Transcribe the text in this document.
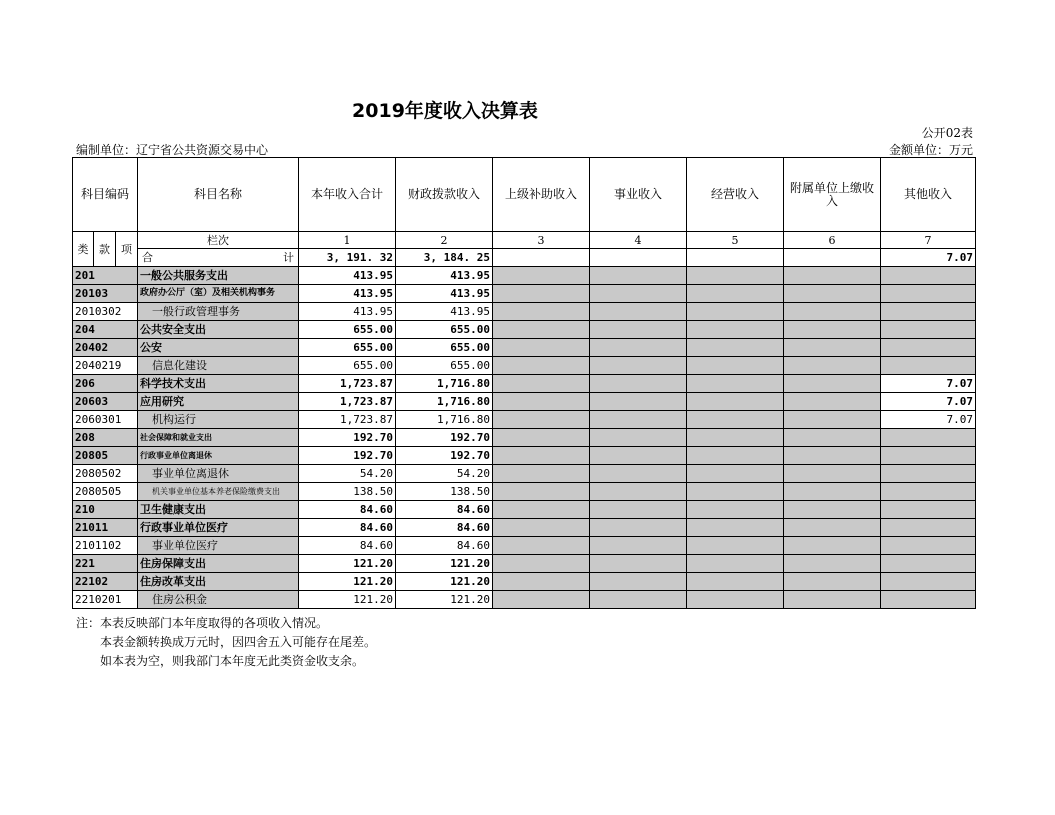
2019年度收入决算表
公开02表
编制单位：辽宁省公共资源交易中心	金额单位：万元
科目编码			科目名称	本年收入合计	财政拨款收入	上级补助收入	事业收入	经营收入	附属单位上缴收入	其他收入
类	款	项	栏次	1	2	3	4	5	6	7

			合 计	3, 191. 32	3, 184. 25					7.07
201			一般公共服务支出	413.95	413.95					
20103			政府办公厅（室）及相关机构事务	413.95	413.95					
2010302			一般行政管理事务	413.95	413.95					
204			公共安全支出	655.00	655.00					
20402			公安	655.00	655.00					
2040219			信息化建设	655.00	655.00					
206			科学技术支出	1,723.87	1,716.80					7.07
20603			应用研究	1,723.87	1,716.80					7.07
2060301			机构运行	1,723.87	1,716.80					7.07
208			社会保障和就业支出	192.70	192.70					
20805			行政事业单位离退休	192.70	192.70					
2080502			事业单位离退休	54.20	54.20					
2080505			机关事业单位基本养老保险缴费支出	138.50	138.50					
210			卫生健康支出	84.60	84.60					
21011			行政事业单位医疗	84.60	84.60					
2101102			事业单位医疗	84.60	84.60					
221			住房保障支出	121.20	121.20					
22102			住房改革支出	121.20	121.20					
2210201			住房公积金	121.20	121.20					
注：本表反映部门本年度取得的各项收入情况。
本表金额转换成万元时，因四舍五入可能存在尾差。
如本表为空，则我部门本年度无此类资金收支余。
